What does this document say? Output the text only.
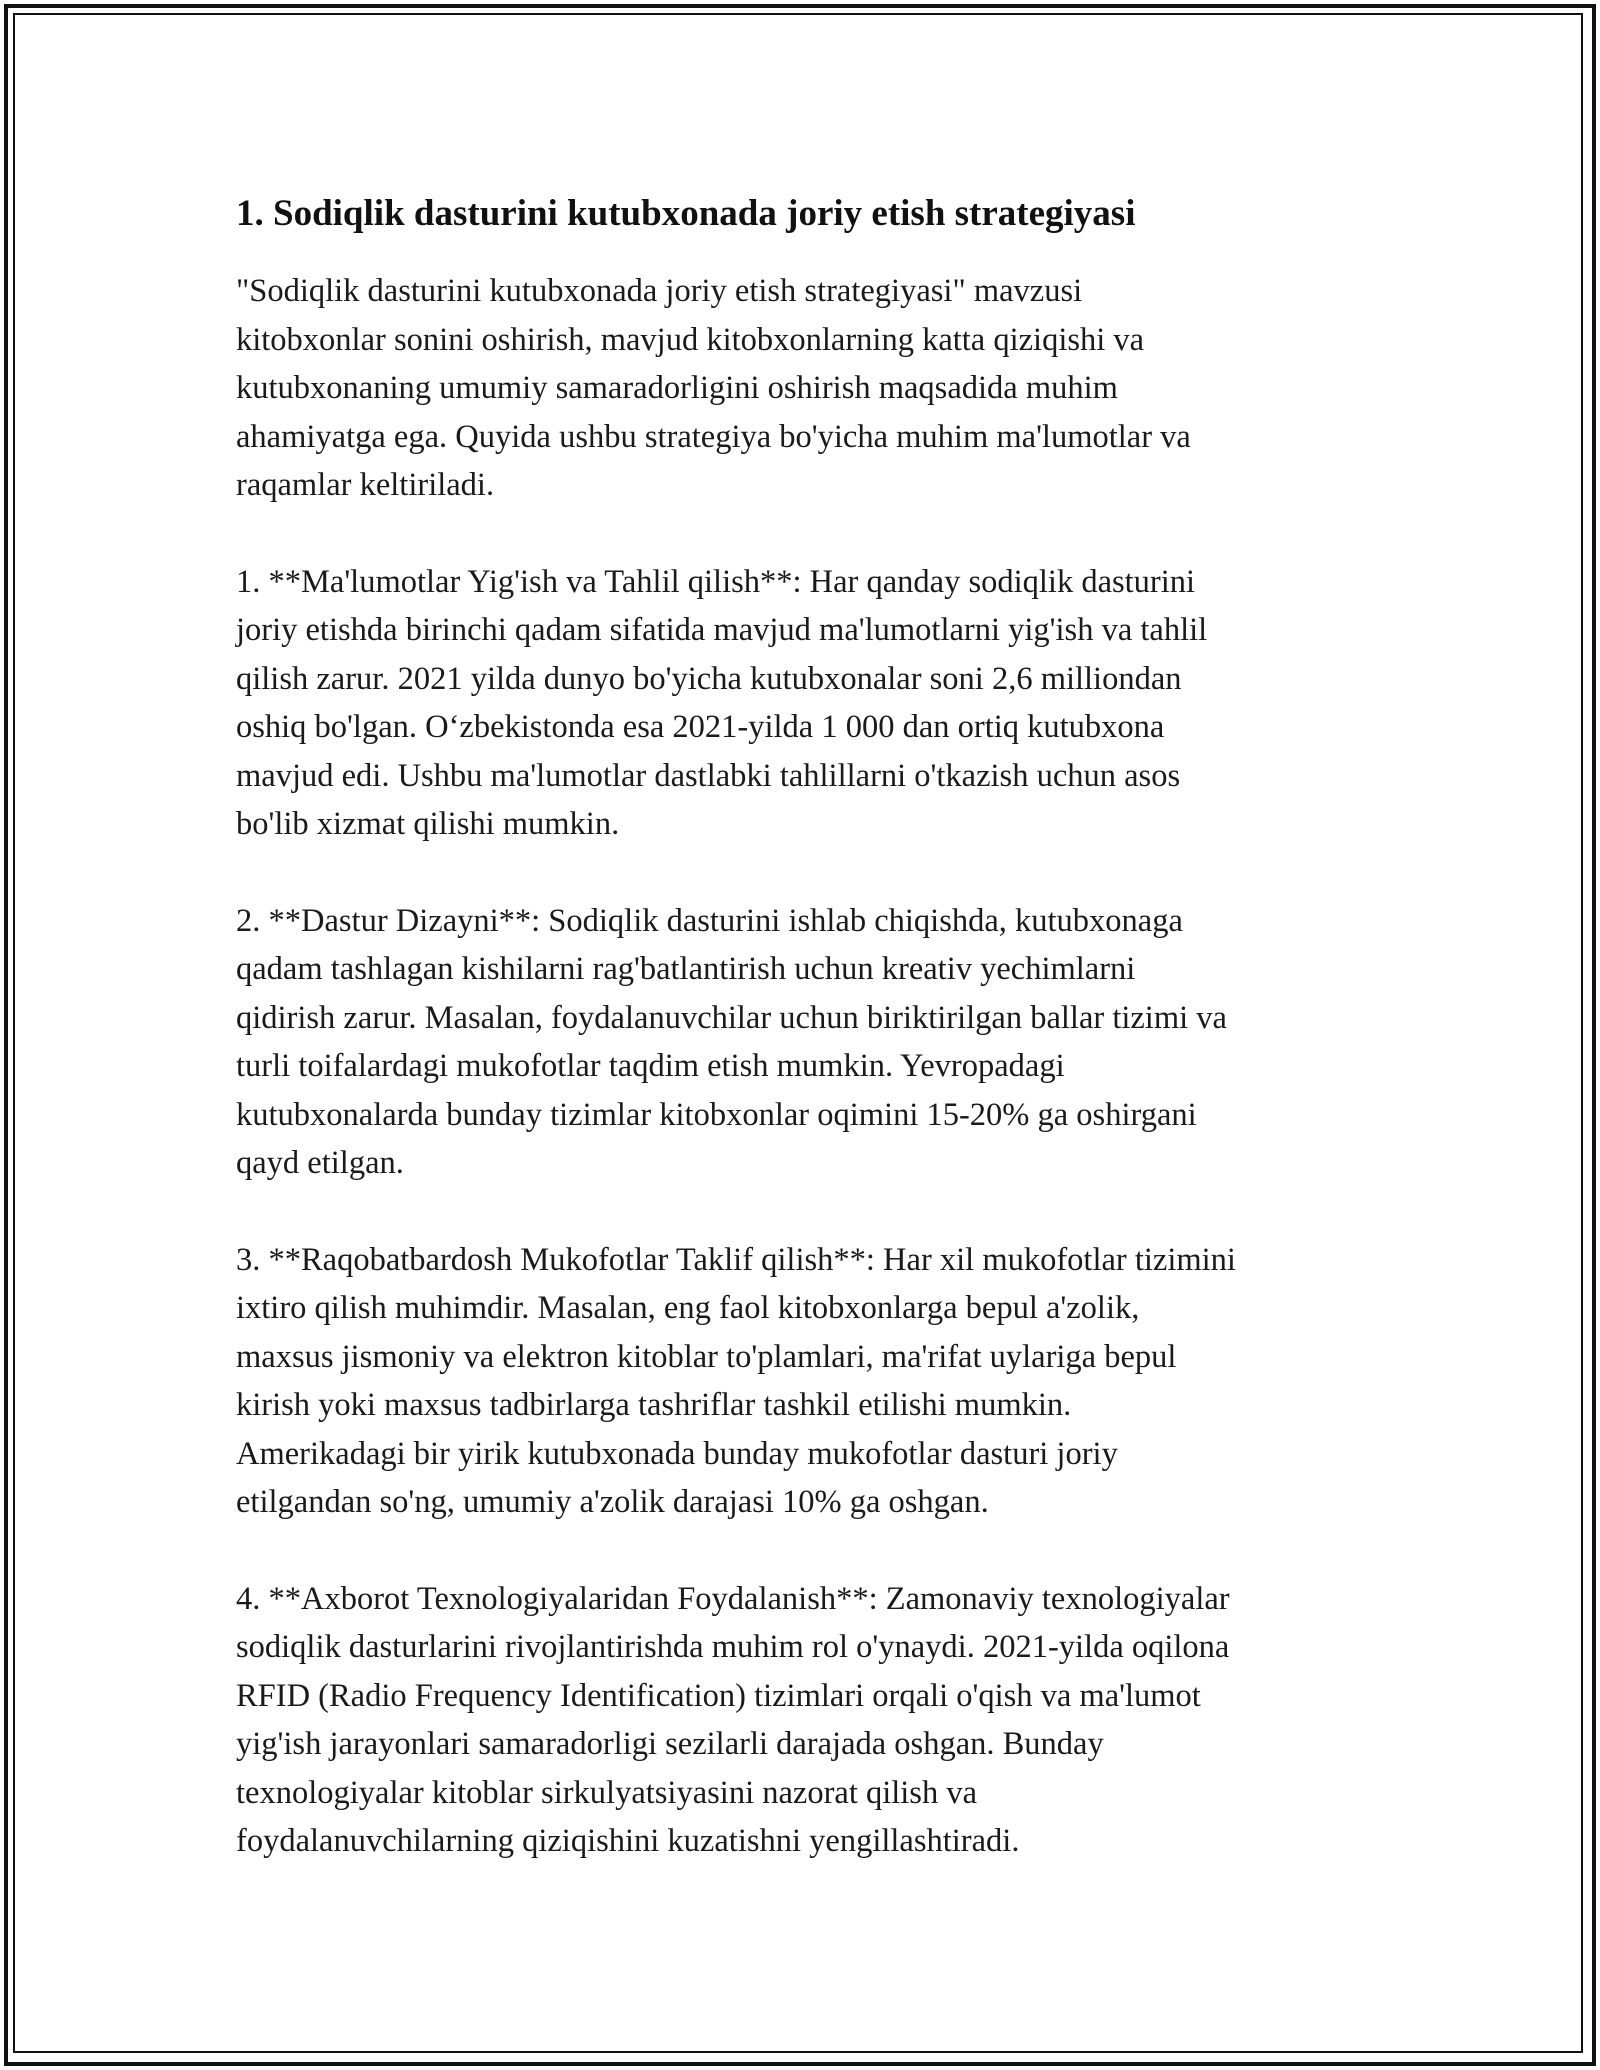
1. Sodiqlik dasturini kutubxonada joriy etish strategiyasi

"Sodiqlik dasturini kutubxonada joriy etish strategiyasi" mavzusi
kitobxonlar sonini oshirish, mavjud kitobxonlarning katta qiziqishi va
kutubxonaning umumiy samaradorligini oshirish maqsadida muhim
ahamiyatga ega. Quyida ushbu strategiya bo'yicha muhim ma'lumotlar va
raqamlar keltiriladi.

1. **Ma'lumotlar Yig'ish va Tahlil qilish**: Har qanday sodiqlik dasturini
joriy etishda birinchi qadam sifatida mavjud ma'lumotlarni yig'ish va tahlil
qilish zarur. 2021 yilda dunyo bo'yicha kutubxonalar soni 2,6 milliondan
oshiq bo'lgan. O‘zbekistonda esa 2021-yilda 1 000 dan ortiq kutubxona
mavjud edi. Ushbu ma'lumotlar dastlabki tahlillarni o'tkazish uchun asos
bo'lib xizmat qilishi mumkin.

2. **Dastur Dizayni**: Sodiqlik dasturini ishlab chiqishda, kutubxonaga
qadam tashlagan kishilarni rag'batlantirish uchun kreativ yechimlarni
qidirish zarur. Masalan, foydalanuvchilar uchun biriktirilgan ballar tizimi va
turli toifalardagi mukofotlar taqdim etish mumkin. Yevropadagi
kutubxonalarda bunday tizimlar kitobxonlar oqimini 15-20% ga oshirgani
qayd etilgan.

3. **Raqobatbardosh Mukofotlar Taklif qilish**: Har xil mukofotlar tizimini
ixtiro qilish muhimdir. Masalan, eng faol kitobxonlarga bepul a'zolik,
maxsus jismoniy va elektron kitoblar to'plamlari, ma'rifat uylariga bepul
kirish yoki maxsus tadbirlarga tashriflar tashkil etilishi mumkin.
Amerikadagi bir yirik kutubxonada bunday mukofotlar dasturi joriy
etilgandan so'ng, umumiy a'zolik darajasi 10% ga oshgan.

4. **Axborot Texnologiyalaridan Foydalanish**: Zamonaviy texnologiyalar
sodiqlik dasturlarini rivojlantirishda muhim rol o'ynaydi. 2021-yilda oqilona
RFID (Radio Frequency Identification) tizimlari orqali o'qish va ma'lumot
yig'ish jarayonlari samaradorligi sezilarli darajada oshgan. Bunday
texnologiyalar kitoblar sirkulyatsiyasini nazorat qilish va
foydalanuvchilarning qiziqishini kuzatishni yengillashtiradi.
